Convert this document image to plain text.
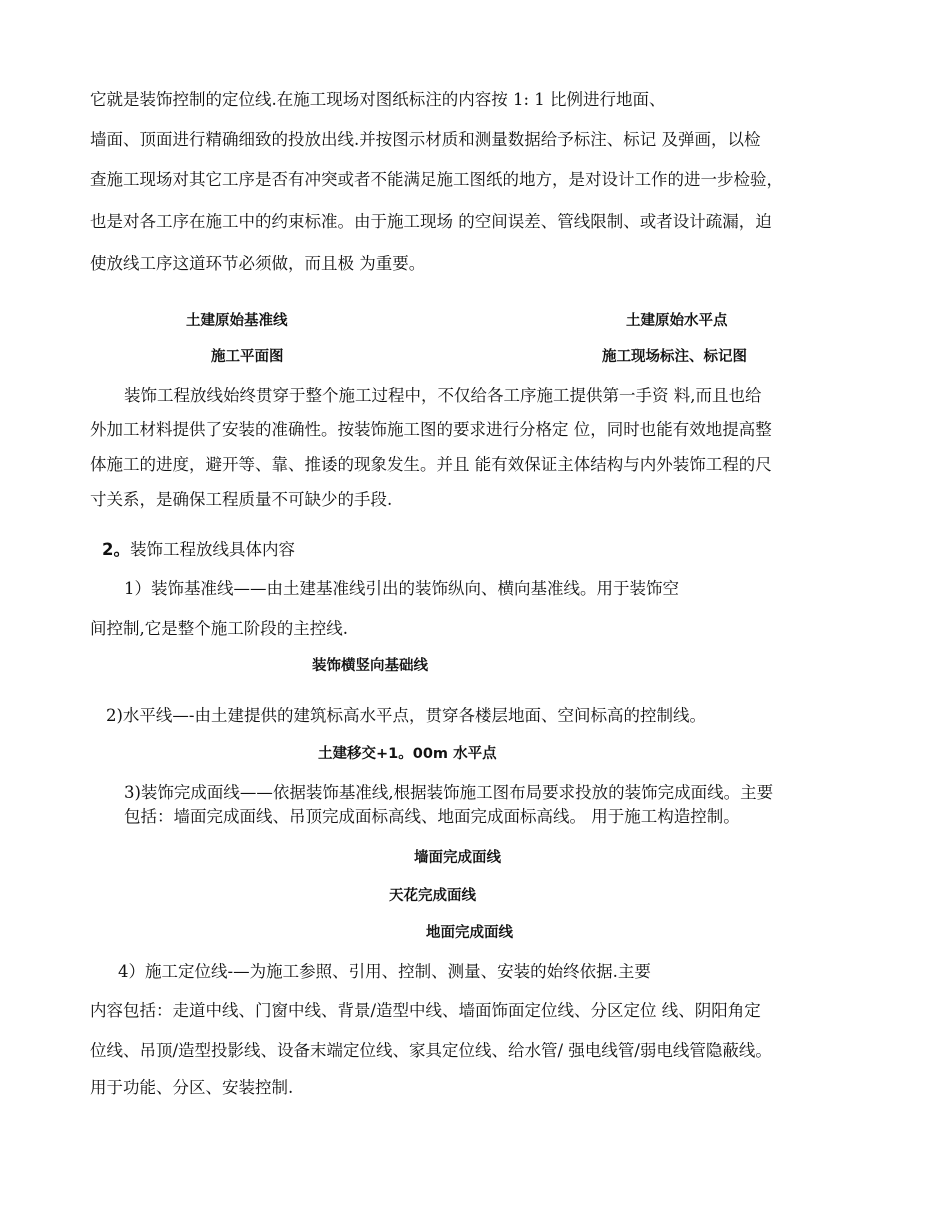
它就是装饰控制的定位线.在施工现场对图纸标注的内容按 1: 1 比例进行地面、
墙面、顶面进行精确细致的投放出线.并按图示材质和测量数据给予标注、标记 及弹画，以检
查施工现场对其它工序是否有冲突或者不能满足施工图纸的地方，是对设计工作的进一步检验，
也是对各工序在施工中的约束标准。由于施工现场 的空间误差、管线限制、或者设计疏漏，迫
使放线工序这道环节必须做，而且极 为重要。
土建原始基准线	土建原始水平点
施工平面图	施工现场标注、标记图
装饰工程放线始终贯穿于整个施工过程中，不仅给各工序施工提供第一手资 料,而且也给
外加工材料提供了安装的准确性。按装饰施工图的要求进行分格定 位，同时也能有效地提高整
体施工的进度，避开等、靠、推诿的现象发生。并且 能有效保证主体结构与内外装饰工程的尺
寸关系，是确保工程质量不可缺少的手段.
2。装饰工程放线具体内容
1）装饰基准线——由土建基准线引出的装饰纵向、横向基准线。用于装饰空
间控制,它是整个施工阶段的主控线.
装饰横竖向基础线
2)水平线—-由土建提供的建筑标高水平点，贯穿各楼层地面、空间标高的控制线。
土建移交+1。00m 水平点
3)装饰完成面线——依据装饰基准线,根据装饰施工图布局要求投放的装饰完成面线。主要
包括：墙面完成面线、吊顶完成面标高线、地面完成面标高线。 用于施工构造控制。
墙面完成面线
天花完成面线
地面完成面线
4）施工定位线-—为施工参照、引用、控制、测量、安装的始终依据.主要
内容包括：走道中线、门窗中线、背景/造型中线、墙面饰面定位线、分区定位 线、阴阳角定
位线、吊顶/造型投影线、设备末端定位线、家具定位线、给水管/ 强电线管/弱电线管隐蔽线。
用于功能、分区、安装控制.
